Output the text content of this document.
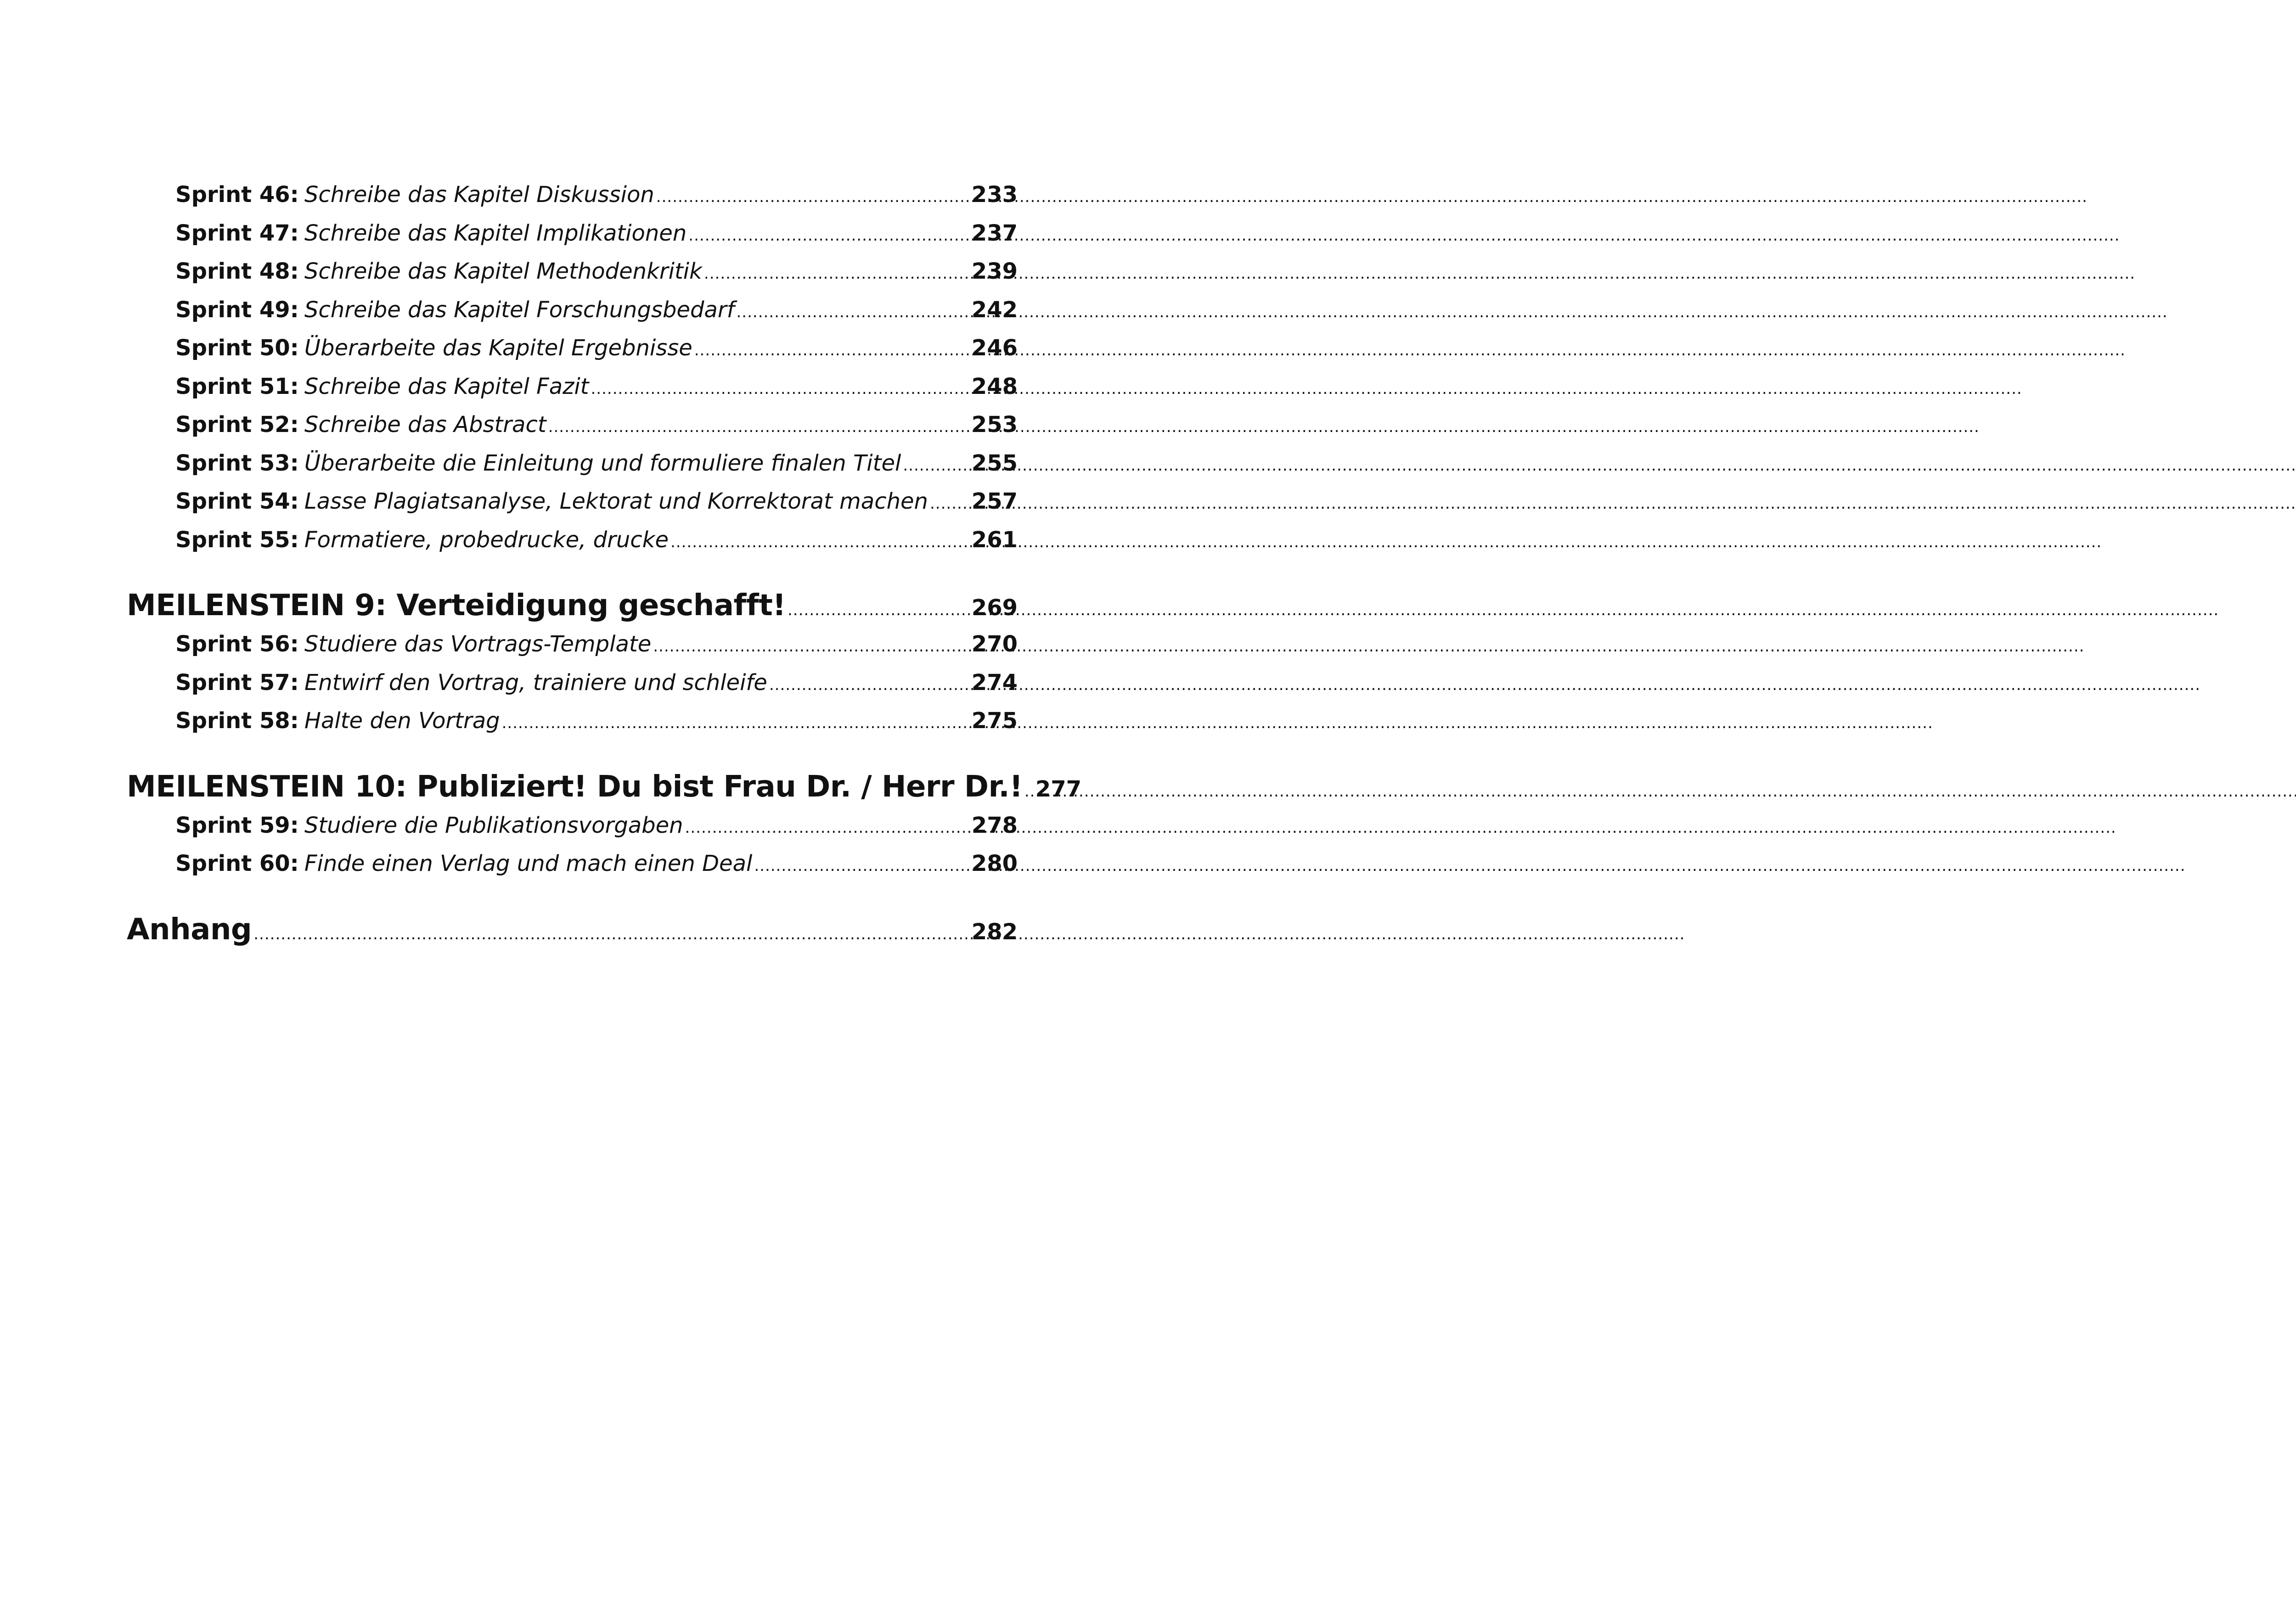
Sprint 46: Schreibe das Kapitel Diskussion .....	233
Sprint 47: Schreibe das Kapitel Implikationen .....	237
Sprint 48: Schreibe das Kapitel Methodenkritik .....	239
Sprint 49: Schreibe das Kapitel Forschungsbedarf .....	242
Sprint 50: Überarbeite das Kapitel Ergebnisse .....	246
Sprint 51: Schreibe das Kapitel Fazit .....	248
Sprint 52: Schreibe das Abstract .....	253
Sprint 53: Überarbeite die Einleitung und formuliere finalen Titel .....	255
Sprint 54: Lasse Plagiatsanalyse, Lektorat und Korrektorat machen ..... 257
Sprint 55: Formatiere, probedrucke, drucke .....	261
MEILENSTEIN 9: Verteidigung geschafft! .....	269
Sprint 56: Studiere das Vortrags-Template .....	270
Sprint 57: Entwirf den Vortrag, trainiere und schleife .....	274
Sprint 58: Halte den Vortrag .....	275
MEILENSTEIN 10: Publiziert! Du bist Frau Dr. / Herr Dr.! ..... 277
Sprint 59: Studiere die Publikationsvorgaben .....	278
Sprint 60: Finde einen Verlag und mach einen Deal .....	280
Anhang .....	282
